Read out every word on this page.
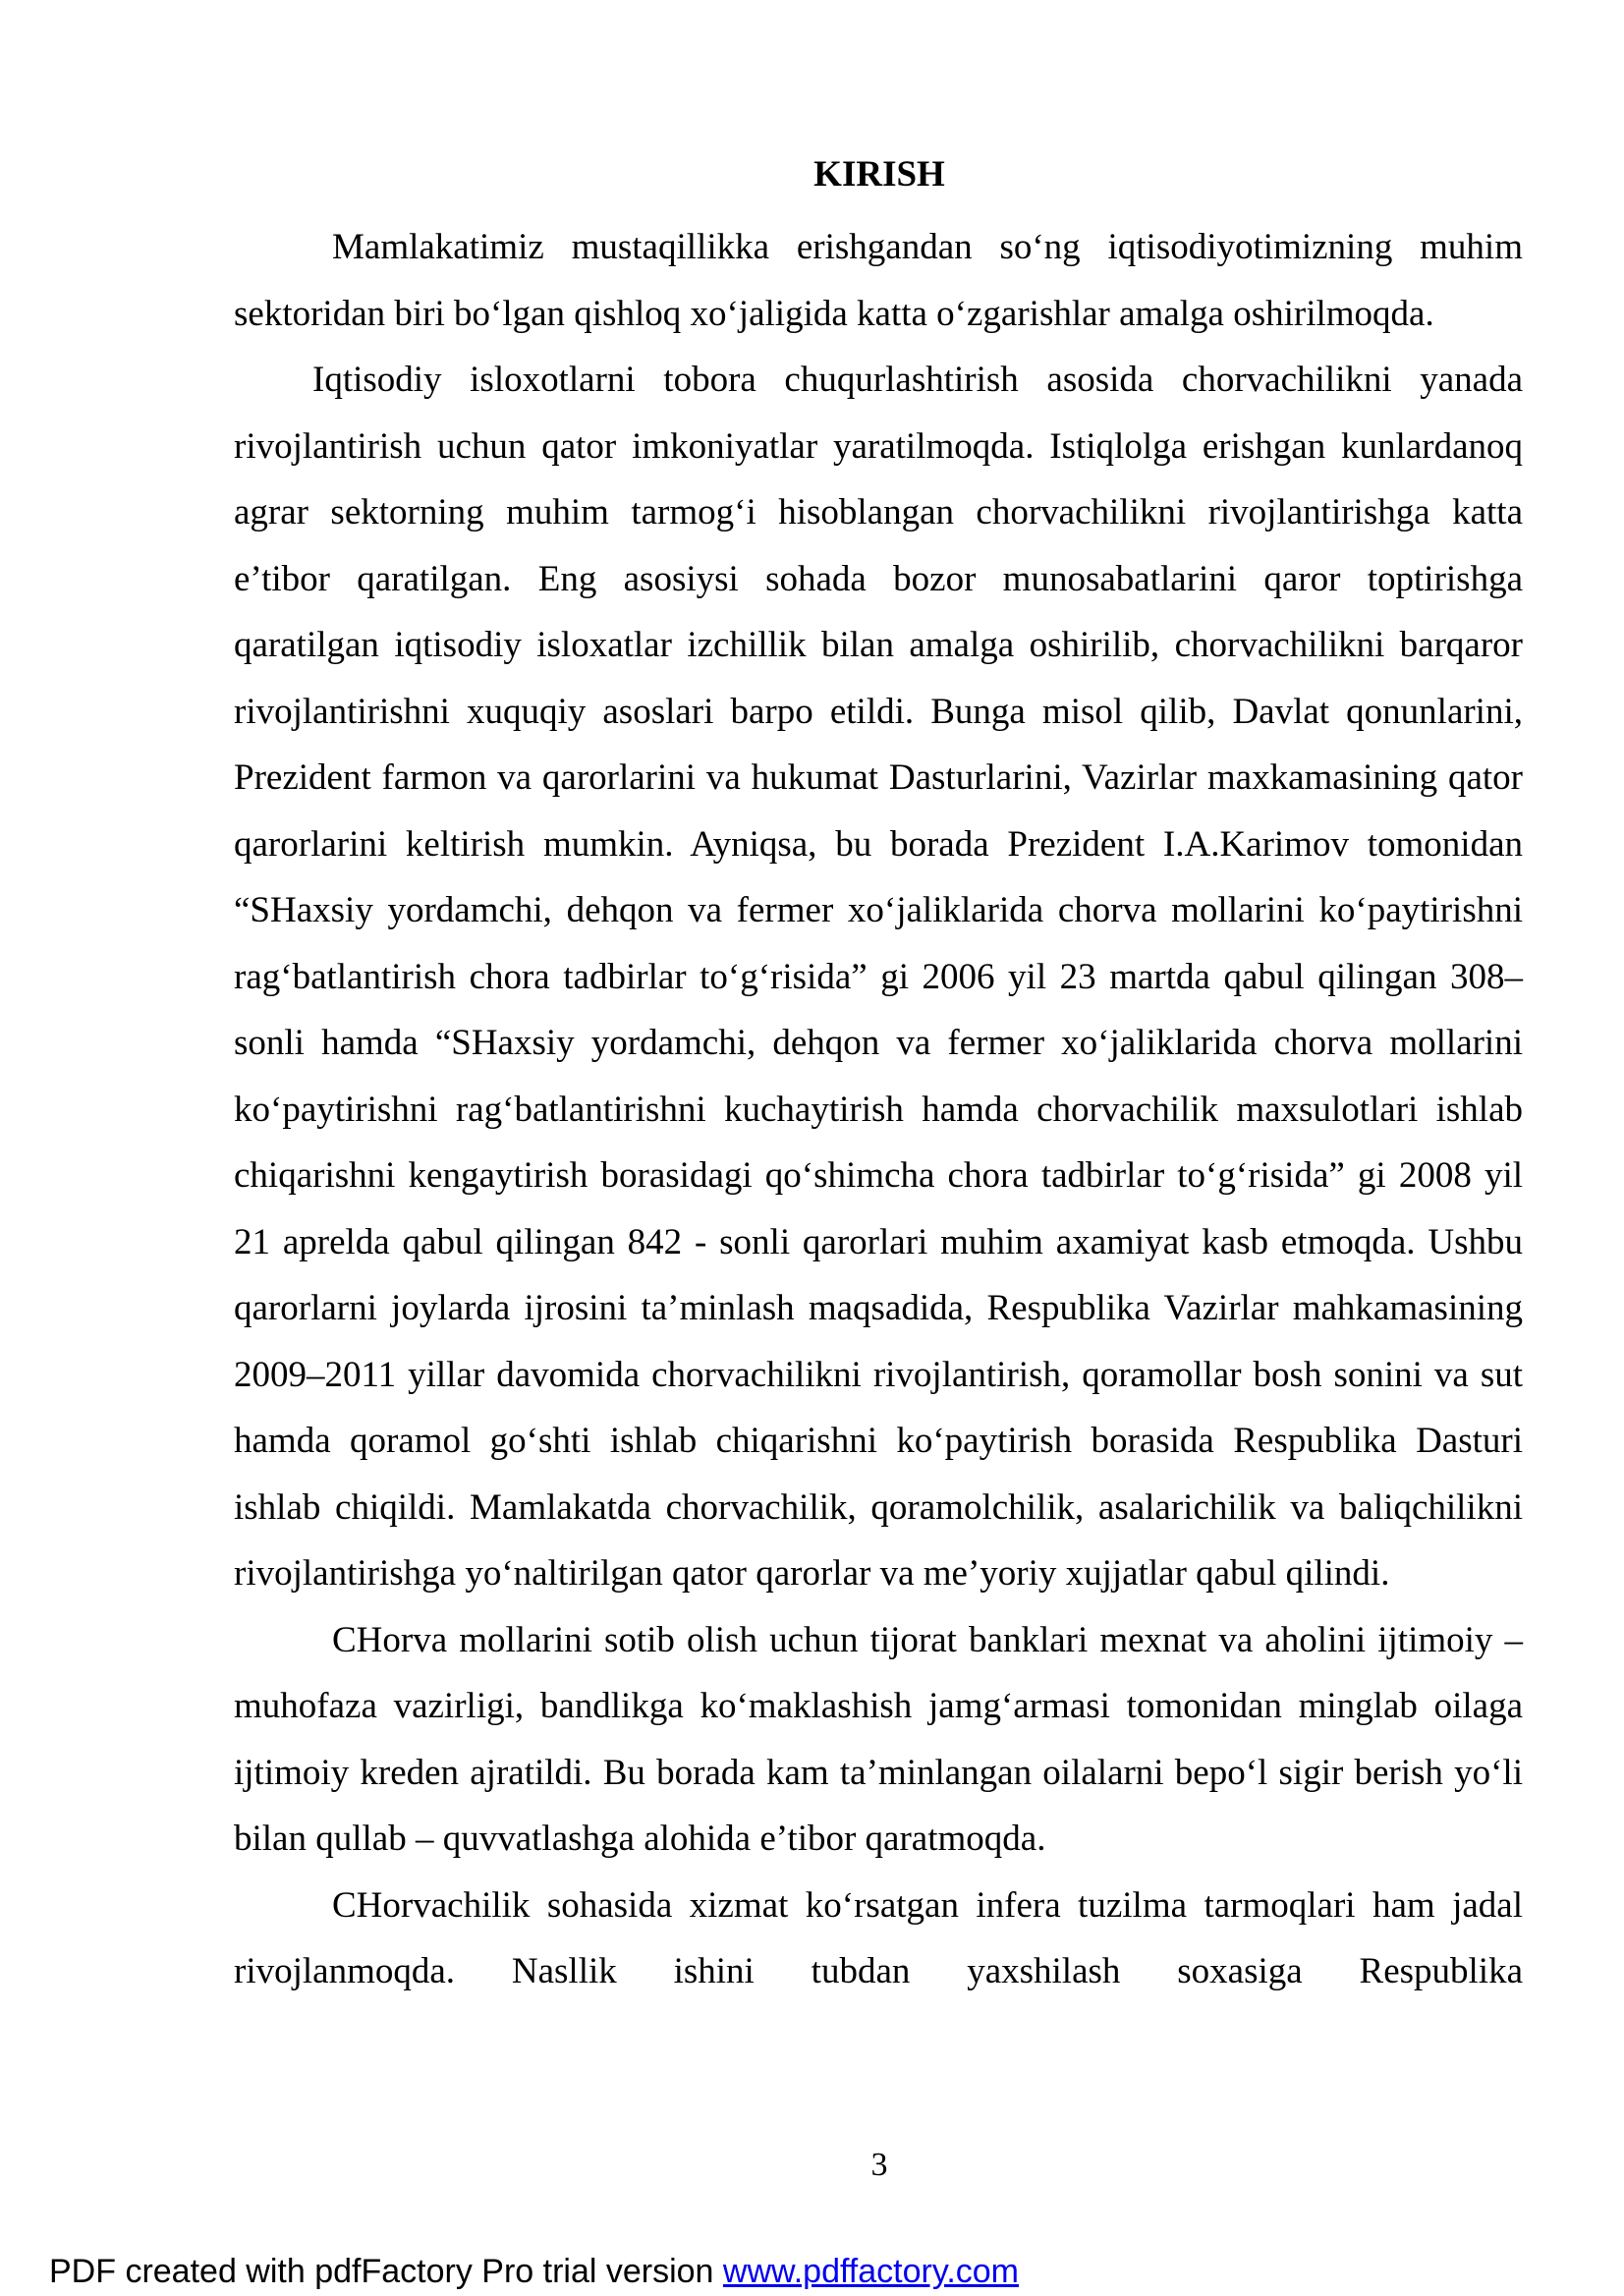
KIRISH

Mamlakatimiz mustaqillikka erishgandan so‘ng iqtisodiyotimizning muhim sektoridan biri bo‘lgan qishloq xo‘jaligida katta o‘zgarishlar amalga oshirilmoqda.

Iqtisodiy isloxotlarni tobora chuqurlashtirish asosida chorvachilikni yanada rivojlantirish uchun qator imkoniyatlar yaratilmoqda. Istiqlolga erishgan kunlardanoq agrar sektorning muhim tarmog‘i hisoblangan chorvachilikni rivojlantirishga katta e’tibor qaratilgan. Eng asosiysi sohada bozor munosabatlarini qaror toptirishga qaratilgan iqtisodiy isloxatlar izchillik bilan amalga oshirilib, chorvachilikni barqaror rivojlantirishni xuquqiy asoslari barpo etildi. Bunga misol qilib, Davlat qonunlarini, Prezident farmon va qarorlarini va hukumat Dasturlarini, Vazirlar maxkamasining qator qarorlarini keltirish mumkin. Ayniqsa, bu borada Prezident I.A.Karimov tomonidan “SHaxsiy yordamchi, dehqon va fermer xo‘jaliklarida chorva mollarini ko‘paytirishni rag‘batlantirish chora tadbirlar to‘g‘risida” gi 2006 yil 23 martda qabul qilingan 308–sonli hamda “SHaxsiy yordamchi, dehqon va fermer xo‘jaliklarida chorva mollarini ko‘paytirishni rag‘batlantirishni kuchaytirish hamda chorvachilik maxsulotlari ishlab chiqarishni kengaytirish borasidagi qo‘shimcha chora tadbirlar to‘g‘risida” gi 2008 yil 21 aprelda qabul qilingan 842 - sonli qarorlari muhim axamiyat kasb etmoqda. Ushbu qarorlarni joylarda ijrosini ta’minlash maqsadida, Respublika Vazirlar mahkamasining 2009–2011 yillar davomida chorvachilikni rivojlantirish, qoramollar bosh sonini va sut hamda qoramol go‘shti ishlab chiqarishni ko‘paytirish borasida Respublika Dasturi ishlab chiqildi. Mamlakatda chorvachilik, qoramolchilik, asalarichilik va baliqchilikni rivojlantirishga yo‘naltirilgan qator qarorlar va me’yoriy xujjatlar qabul qilindi.

CHorva mollarini sotib olish uchun tijorat banklari mexnat va aholini ijtimoiy – muhofaza vazirligi, bandlikga ko‘maklashish jamg‘armasi tomonidan minglab oilaga ijtimoiy kreden ajratildi. Bu borada kam ta’minlangan oilalarni bepo‘l sigir berish yo‘li bilan qullab – quvvatlashga alohida e’tibor qaratmoqda.

CHorvachilik sohasida xizmat ko‘rsatgan infera tuzilma tarmoqlari ham jadal rivojlanmoqda. Nasllik ishini tubdan yaxshilash soxasiga Respublika

3

PDF created with pdfFactory Pro trial version www.pdffactory.com
